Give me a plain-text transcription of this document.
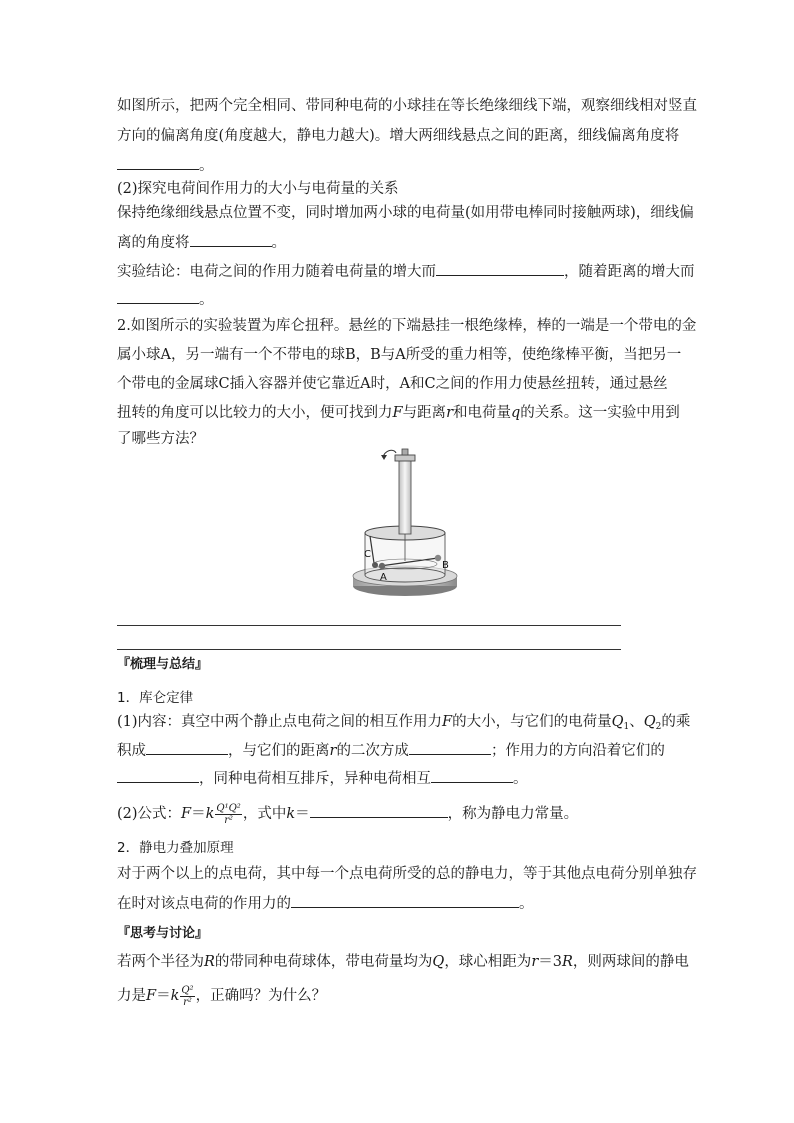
如图所示，把两个完全相同、带同种电荷的小球挂在等长绝缘细线下端，观察细线相对竖直
方向的偏离角度(角度越大，静电力越大)。增大两细线悬点之间的距离，细线偏离角度将
。
(2)探究电荷间作用力的大小与电荷量的关系
保持绝缘细线悬点位置不变，同时增加两小球的电荷量(如用带电棒同时接触两球)，细线偏
离的角度将	。
实验结论：电荷之间的作用力随着电荷量的增大而	，随着距离的增大而
。
2.如图所示的实验装置为库仑扭秤。悬丝的下端悬挂一根绝缘棒，棒的一端是一个带电的金
属小球A，另一端有一个不带电的球B，B与A所受的重力相等，使绝缘棒平衡，当把另一
个带电的金属球C插入容器并使它靠近A时，A和C之间的作用力使悬丝扭转，通过悬丝
扭转的角度可以比较力的大小，便可找到力F与距离r和电荷量q的关系。这一实验中用到
了哪些方法？
C
A
B
『梳理与总结』
1．库仑定律
(1)内容：真空中两个静止点电荷之间的相互作用力F的大小，与它们的电荷量$Q_1$、$Q_2$的乘
积成	，与它们的距离r的二次方成	；作用力的方向沿着它们的
，同种电荷相互排斥，异种电荷相互	。
(2)公式：$F=k \frac{\text{Q¹Q²}}{\text{r²}}$ ，式中k＝	，称为静电力常量。
2．静电力叠加原理
对于两个以上的点电荷，其中每一个点电荷所受的总的静电力，等于其他点电荷分别单独存
在时对该点电荷的作用力的	。
『思考与讨论』
若两个半径为R的带同种电荷球体，带电荷量均为Q，球心相距为r＝3R，则两球间的静电
力是$F=k \frac{\text{Q²}}{\text{r²}}$ ，正确吗？为什么？
